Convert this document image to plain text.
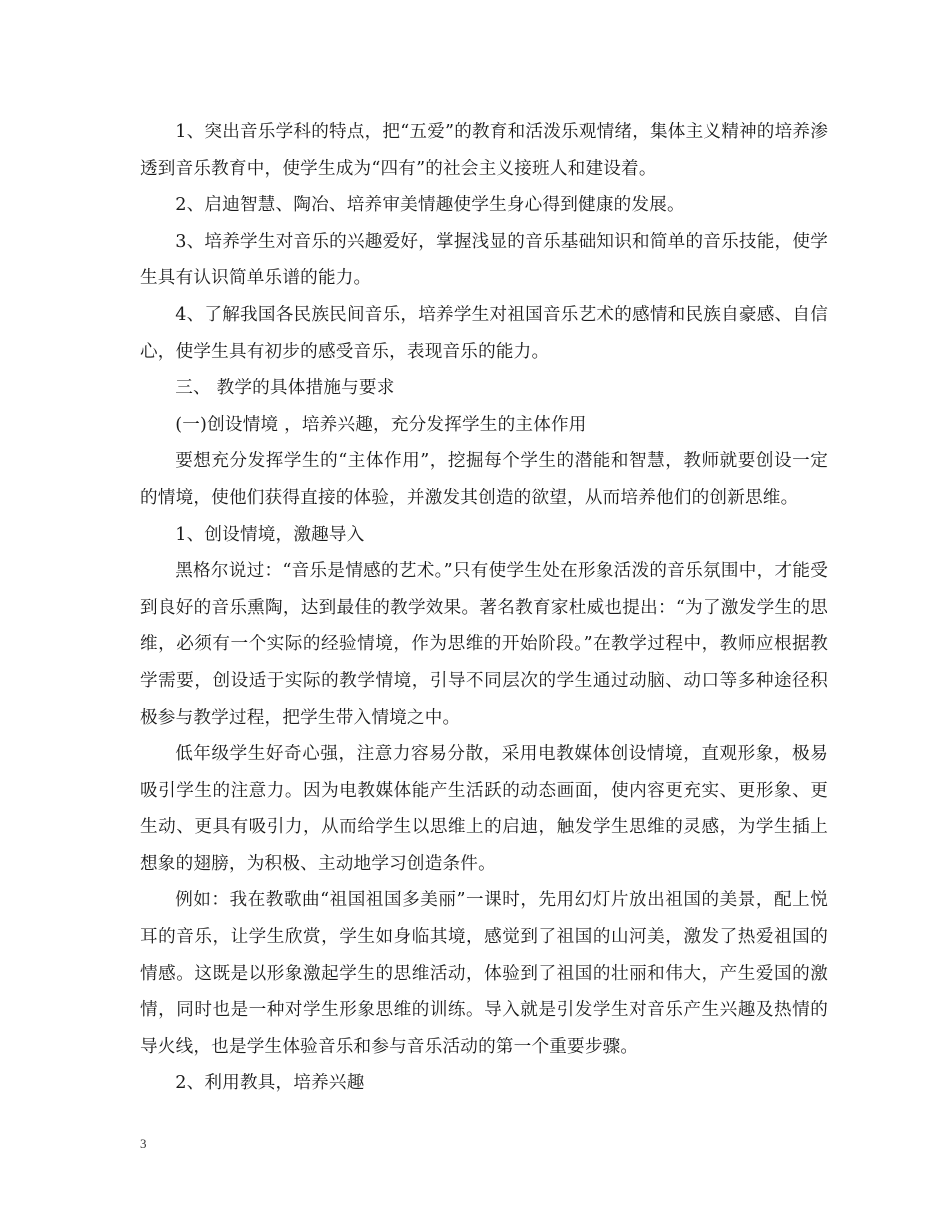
1、突出音乐学科的特点，把“五爱”的教育和活泼乐观情绪，集体主义精神的培养渗透到音乐教育中，使学生成为“四有”的社会主义接班人和建设着。

2、启迪智慧、陶冶、培养审美情趣使学生身心得到健康的发展。

3、培养学生对音乐的兴趣爱好，掌握浅显的音乐基础知识和简单的音乐技能，使学生具有认识简单乐谱的能力。

4、了解我国各民族民间音乐，培养学生对祖国音乐艺术的感情和民族自豪感、自信心，使学生具有初步的感受音乐，表现音乐的能力。

三、 教学的具体措施与要求

(一)创设情境 ，培养兴趣，充分发挥学生的主体作用

要想充分发挥学生的“主体作用”，挖掘每个学生的潜能和智慧，教师就要创设一定的情境，使他们获得直接的体验，并激发其创造的欲望，从而培养他们的创新思维。

1、创设情境，激趣导入

黑格尔说过：“音乐是情感的艺术。”只有使学生处在形象活泼的音乐氛围中，才能受到良好的音乐熏陶，达到最佳的教学效果。著名教育家杜威也提出：“为了激发学生的思维，必须有一个实际的经验情境，作为思维的开始阶段。”在教学过程中，教师应根据教学需要，创设适于实际的教学情境，引导不同层次的学生通过动脑、动口等多种途径积极参与教学过程，把学生带入情境之中。

低年级学生好奇心强，注意力容易分散，采用电教媒体创设情境，直观形象，极易吸引学生的注意力。因为电教媒体能产生活跃的动态画面，使内容更充实、更形象、更生动、更具有吸引力，从而给学生以思维上的启迪，触发学生思维的灵感，为学生插上想象的翅膀，为积极、主动地学习创造条件。

例如：我在教歌曲“祖国祖国多美丽”一课时，先用幻灯片放出祖国的美景，配上悦耳的音乐，让学生欣赏，学生如身临其境，感觉到了祖国的山河美，激发了热爱祖国的情感。这既是以形象激起学生的思维活动，体验到了祖国的壮丽和伟大，产生爱国的激情，同时也是一种对学生形象思维的训练。导入就是引发学生对音乐产生兴趣及热情的导火线，也是学生体验音乐和参与音乐活动的第一个重要步骤。

2、利用教具，培养兴趣

3
